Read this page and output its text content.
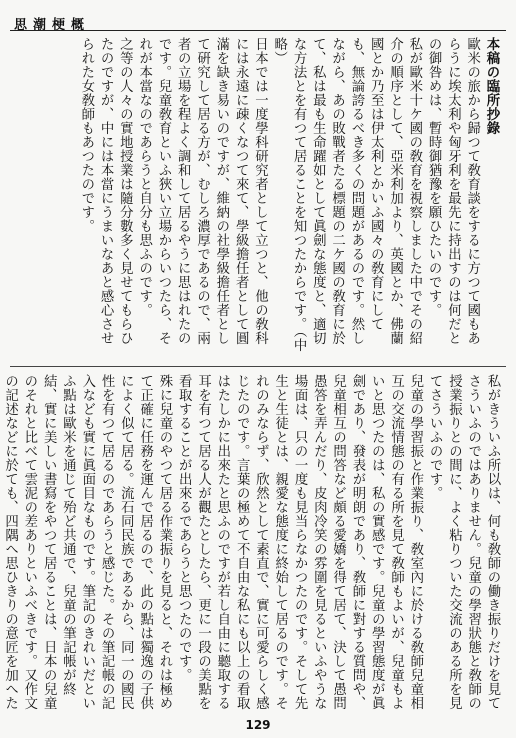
思潮梗概
本稿の臨所抄錄
歐米の旅から歸つて敎育談をするに方つて國もあらうに埃太利や匈牙利を最先に持出すのは何だとの御咎めは、暫時御猶豫を願ひたいのです。
私が歐米十ケ國の敎育を視察しました中でその紹介の順序として、亞米利加より、英國とか、佛蘭國とか乃至は伊太利とかいふ國々の敎育にしても、無論誇るべき多くの問題があるのです。然しながら、あの敗戰者たる標題の二ケ國の敎育に於て、私は最も生命躍如として眞劍な態度と、適切な方法とを有つて居ることを知つたからです。（中略）
日本では一度學科研究者として立つと、他の敎科には永遠に疎くなつて來て、學級擔任者として圓滿を缺き易いのですが、維納の社學級擔任者として硏究して居る方が、むしろ濃厚であるので、兩者の立場を程よく調和して居るやうに思はれたのです。兒童敎育といふ狹い立場からいつたら、それが本當なのであらうと自分も思ふのです。
之等の人々の實地授業は隨分數多く見せてもらひたのですが、中には本當にうまいなあと感心させられた女敎師もあつたのです。
私がきういふ所以は、何も敎師の働き振りだけを見てさういふのではありません。兒童の學習狀態と敎師の授業振りとの間に、よく粘りついた交流のある所を見てさういふのです。
兒童の學習振と作業振り、敎室內に於ける敎師兒童相互の交流情態の有る所を見て敎師もよいが、兒童もよいと思つたのは、私の實感です。兒童の學習態度が眞劍であり、發表が明朗であり、敎師に對する質問や、兒童相互の問答など頗る愛嬌を得て居て、決して愚問愚答を弄んだり、皮肉冷笑の雰圍を見るといふやうな場面は、只の一度も見当らなかつたのです。そして先生と生徒とは、親愛な態度に終始して居るのです。それのみならず、欣然として素直で、實に可愛らしく感じたのです。言葉の極めて不自由な私にも以上の看取はたしかに出來たと思ふのですが若し自由に聽取する耳を有つて居る人が觀たとしたら、更に一段の美點を看取することが出來るであらうと思つたのです。
殊に兒童のやつて居る作業振りを見ると、それは極めて正確に任務を運んで居るので、此の點は獨逸の子供によく似て居る。流石同民族であるから、同一の國民性を有つて居るのであらうと感じた。その筆記帳の記入なども實に眞面目なものです。筆記のきれいだといふ點は歐米を通じて殆ど共通で、兒童の筆記帳が終結、實に美しい書寫をやつて居ることは、日本の兒童のそれと比べて雲泥の差ありといふべきです。又作文の記述などに於ても、四隅へ思ひきりの意匠を加へた

129
